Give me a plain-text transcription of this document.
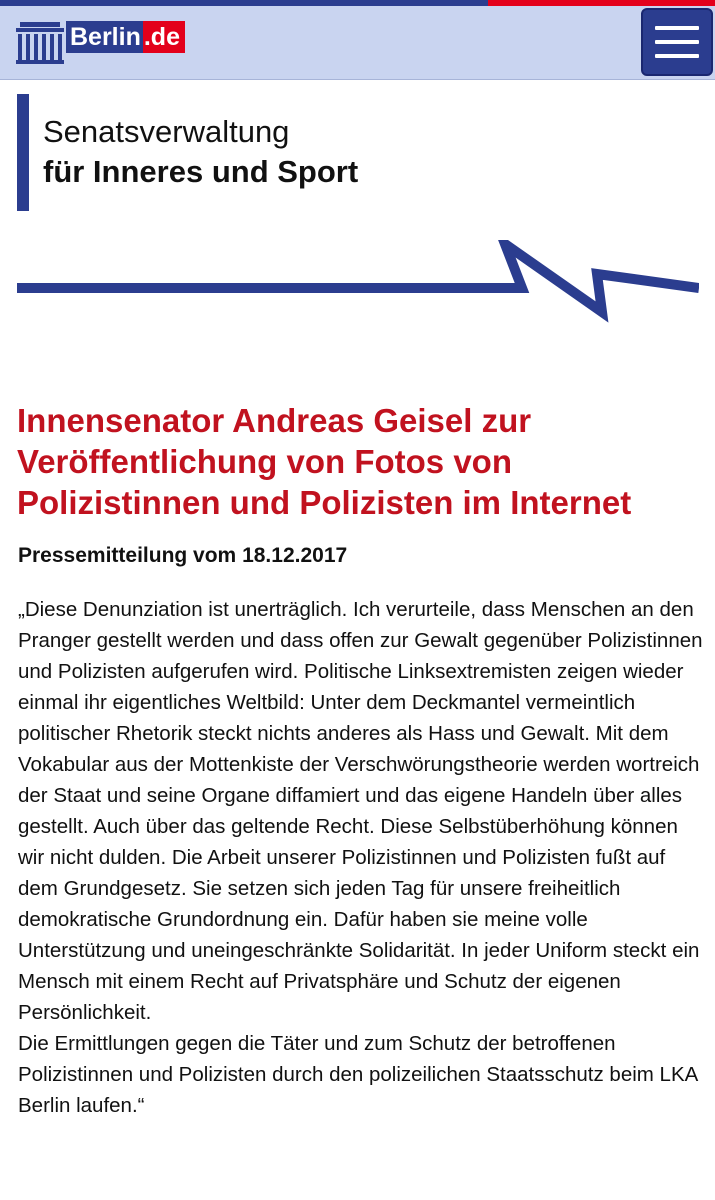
Berlin .de
Senatsverwaltung
für Inneres und Sport
Innensenator Andreas Geisel zur Veröffentlichung von Fotos von Polizistinnen und Polizisten im Internet
Pressemitteilung vom 18.12.2017
„Diese Denunziation ist unerträglich. Ich verurteile, dass Menschen an den Pranger gestellt werden und dass offen zur Gewalt gegenüber Polizistinnen und Polizisten aufgerufen wird. Politische Linksextremisten zeigen wieder einmal ihr eigentliches Weltbild: Unter dem Deckmantel vermeintlich politischer Rhetorik steckt nichts anderes als Hass und Gewalt. Mit dem Vokabular aus der Mottenkiste der Verschwörungstheorie werden wortreich der Staat und seine Organe diffamiert und das eigene Handeln über alles gestellt. Auch über das geltende Recht. Diese Selbstüberhöhung können wir nicht dulden. Die Arbeit unserer Polizistinnen und Polizisten fußt auf dem Grundgesetz. Sie setzen sich jeden Tag für unsere freiheitlich demokratische Grundordnung ein. Dafür haben sie meine volle Unterstützung und uneingeschränkte Solidarität. In jeder Uniform steckt ein Mensch mit einem Recht auf Privatsphäre und Schutz der eigenen Persönlichkeit.
Die Ermittlungen gegen die Täter und zum Schutz der betroffenen Polizistinnen und Polizisten durch den polizeilichen Staatsschutz beim LKA Berlin laufen.“
